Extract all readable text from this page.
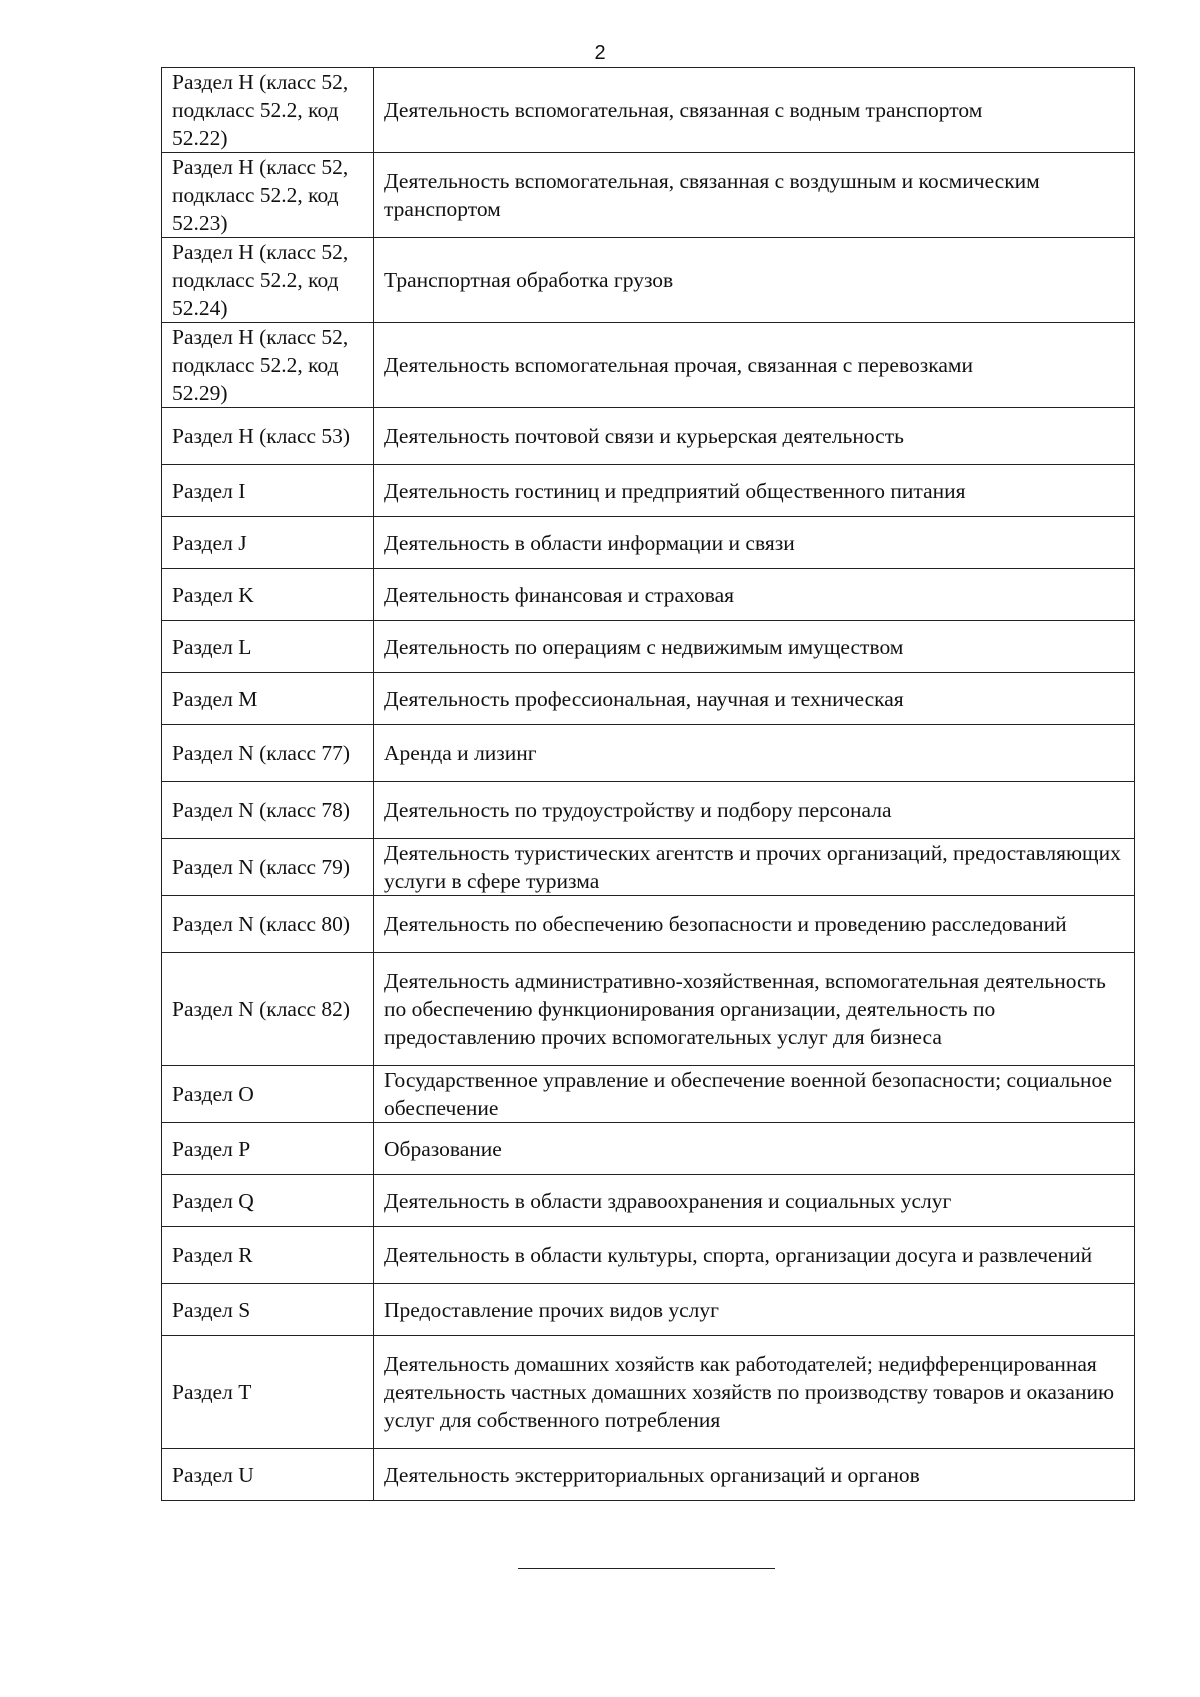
2
Раздел H (класс 52, подкласс 52.2, код 52.22)	Деятельность вспомогательная, связанная с водным транспортом
Раздел H (класс 52, подкласс 52.2, код 52.23)	Деятельность вспомогательная, связанная с воздушным и космическим транспортом
Раздел H (класс 52, подкласс 52.2, код 52.24)	Транспортная обработка грузов
Раздел H (класс 52, подкласс 52.2, код 52.29)	Деятельность вспомогательная прочая, связанная с перевозками
Раздел H (класс 53)	Деятельность почтовой связи и курьерская деятельность
Раздел I	Деятельность гостиниц и предприятий общественного питания
Раздел J	Деятельность в области информации и связи
Раздел K	Деятельность финансовая и страховая
Раздел L	Деятельность по операциям с недвижимым имуществом
Раздел M	Деятельность профессиональная, научная и техническая
Раздел N (класс 77)	Аренда и лизинг
Раздел N (класс 78)	Деятельность по трудоустройству и подбору персонала
Раздел N (класс 79)	Деятельность туристических агентств и прочих организаций, предоставляющих услуги в сфере туризма
Раздел N (класс 80)	Деятельность по обеспечению безопасности и проведению расследований
Раздел N (класс 82)	Деятельность административно-хозяйственная, вспомогательная деятельность по обеспечению функционирования организации, деятельность по предоставлению прочих вспомогательных услуг для бизнеса
Раздел O	Государственное управление и обеспечение военной безопасности; социальное обеспечение
Раздел P	Образование
Раздел Q	Деятельность в области здравоохранения и социальных услуг
Раздел R	Деятельность в области культуры, спорта, организации досуга и развлечений
Раздел S	Предоставление прочих видов услуг
Раздел T	Деятельность домашних хозяйств как работодателей; недифференцированная деятельность частных домашних хозяйств по производству товаров и оказанию услуг для собственного потребления
Раздел U	Деятельность экстерриториальных организаций и органов
